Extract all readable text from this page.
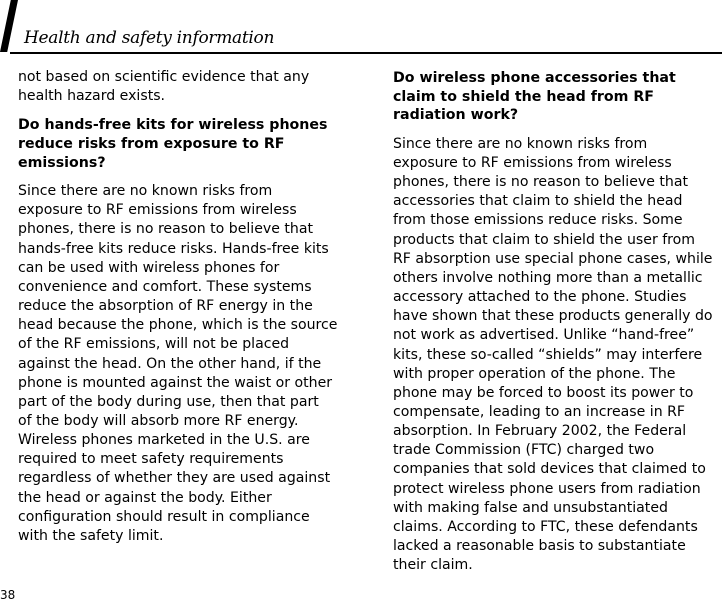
Health and safety information

not based on scientific evidence that any
health hazard exists.

Do hands-free kits for wireless phones
reduce risks from exposure to RF
emissions?

Since there are no known risks from
exposure to RF emissions from wireless
phones, there is no reason to believe that
hands-free kits reduce risks. Hands-free kits
can be used with wireless phones for
convenience and comfort. These systems
reduce the absorption of RF energy in the
head because the phone, which is the source
of the RF emissions, will not be placed
against the head. On the other hand, if the
phone is mounted against the waist or other
part of the body during use, then that part
of the body will absorb more RF energy.
Wireless phones marketed in the U.S. are
required to meet safety requirements
regardless of whether they are used against
the head or against the body. Either
configuration should result in compliance
with the safety limit.

Do wireless phone accessories that
claim to shield the head from RF
radiation work?

Since there are no known risks from
exposure to RF emissions from wireless
phones, there is no reason to believe that
accessories that claim to shield the head
from those emissions reduce risks. Some
products that claim to shield the user from
RF absorption use special phone cases, while
others involve nothing more than a metallic
accessory attached to the phone. Studies
have shown that these products generally do
not work as advertised. Unlike “hand-free”
kits, these so-called “shields” may interfere
with proper operation of the phone. The
phone may be forced to boost its power to
compensate, leading to an increase in RF
absorption. In February 2002, the Federal
trade Commission (FTC) charged two
companies that sold devices that claimed to
protect wireless phone users from radiation
with making false and unsubstantiated
claims. According to FTC, these defendants
lacked a reasonable basis to substantiate
their claim.

38
